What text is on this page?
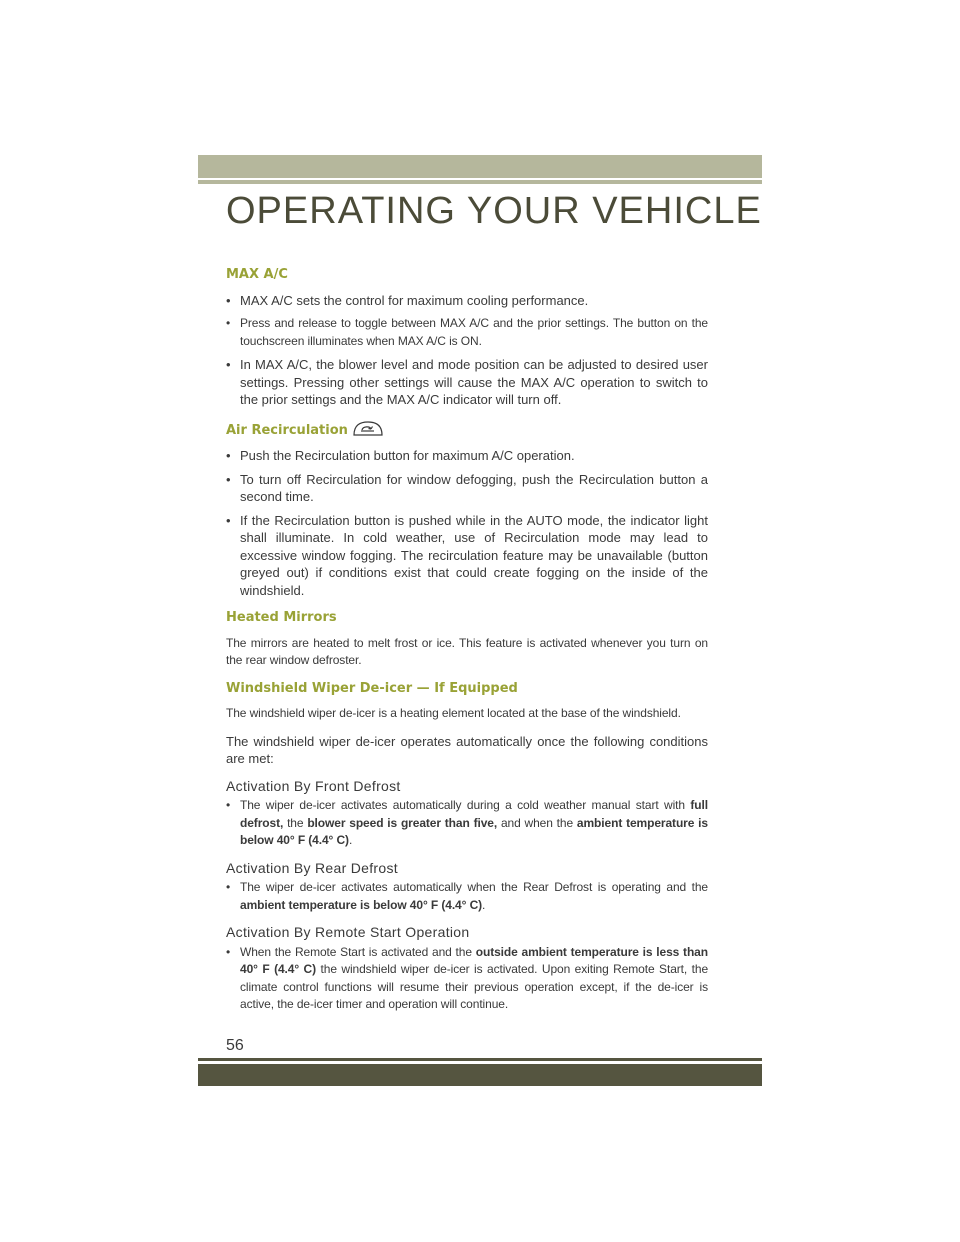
OPERATING YOUR VEHICLE
MAX A/C
• MAX A/C sets the control for maximum cooling performance.
• Press and release to toggle between MAX A/C and the prior settings. The button on the touchscreen illuminates when MAX A/C is ON.
• In MAX A/C, the blower level and mode position can be adjusted to desired user settings. Pressing other settings will cause the MAX A/C operation to switch to the prior settings and the MAX A/C indicator will turn off.
Air Recirculation
• Push the Recirculation button for maximum A/C operation.
• To turn off Recirculation for window defogging, push the Recirculation button a second time.
• If the Recirculation button is pushed while in the AUTO mode, the indicator light shall illuminate. In cold weather, use of Recirculation mode may lead to excessive window fogging. The recirculation feature may be unavailable (button greyed out) if conditions exist that could create fogging on the inside of the windshield.
Heated Mirrors

The mirrors are heated to melt frost or ice. This feature is activated whenever you turn on the rear window defroster.

Windshield Wiper De-icer — If Equipped

The windshield wiper de-icer is a heating element located at the base of the windshield.

The windshield wiper de-icer operates automatically once the following conditions are met:

Activation By Front Defrost
• The wiper de-icer activates automatically during a cold weather manual start with full defrost, the blower speed is greater than five, and when the ambient temperature is below 40° F (4.4° C).
Activation By Rear Defrost
• The wiper de-icer activates automatically when the Rear Defrost is operating and the ambient temperature is below 40° F (4.4° C).
Activation By Remote Start Operation
• When the Remote Start is activated and the outside ambient temperature is less than 40° F (4.4° C) the windshield wiper de-icer is activated. Upon exiting Remote Start, the climate control functions will resume their previous operation except, if the de-icer is active, the de-icer timer and operation will continue.
56
